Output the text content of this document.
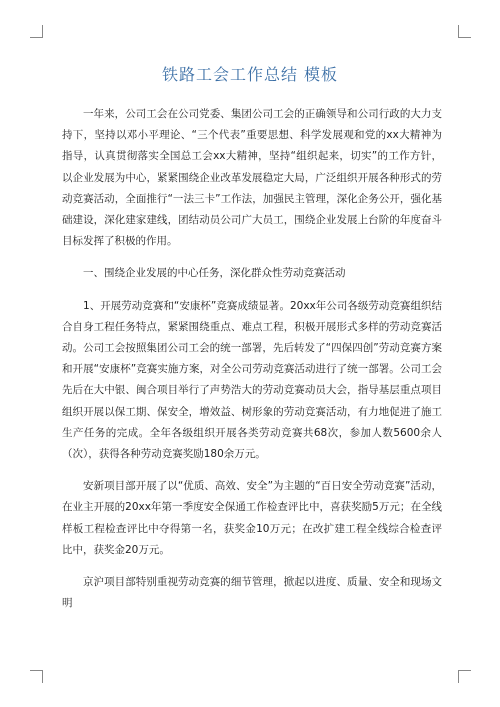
铁路工会工作总结 模板

一年来，公司工会在公司党委、集团公司工会的正确领导和公司行政的大力支持下，坚持以邓小平理论、“三个代表”重要思想、科学发展观和党的xx大精神为指导，认真贯彻落实全国总工会xx大精神，坚持“组织起来，切实”的工作方针，以企业发展为中心，紧紧围绕企业改革发展稳定大局，广泛组织开展各种形式的劳动竞赛活动，全面推行“一法三卡”工作法，加强民主管理，深化企务公开，强化基础建设，深化建家建线，团结动员公司广大员工，围绕企业发展上台阶的年度奋斗目标发挥了积极的作用。

一、围绕企业发展的中心任务，深化群众性劳动竞赛活动

1、开展劳动竞赛和“安康杯”竞赛成绩显著。20xx年公司各级劳动竞赛组织结合自身工程任务特点，紧紧围绕重点、难点工程，积极开展形式多样的劳动竞赛活动。公司工会按照集团公司工会的统一部署，先后转发了“四保四创”劳动竞赛方案和开展“安康杯”竞赛实施方案，对全公司劳动竞赛活动进行了统一部署。公司工会先后在大中银、闽合项目举行了声势浩大的劳动竞赛动员大会，指导基层重点项目组织开展以保工期、保安全，增效益、树形象的劳动竞赛活动，有力地促进了施工生产任务的完成。全年各级组织开展各类劳动竞赛共68次，参加人数5600余人（次），获得各种劳动竞赛奖励180余万元。

安新项目部开展了以“优质、高效、安全”为主题的“百日安全劳动竞赛”活动，在业主开展的20xx年第一季度安全保通工作检查评比中，喜获奖励5万元；在全线样板工程检查评比中夺得第一名，获奖金10万元；在改扩建工程全线综合检查评比中，获奖金20万元。

京沪项目部特别重视劳动竞赛的细节管理，掀起以进度、质量、安全和现场文明
